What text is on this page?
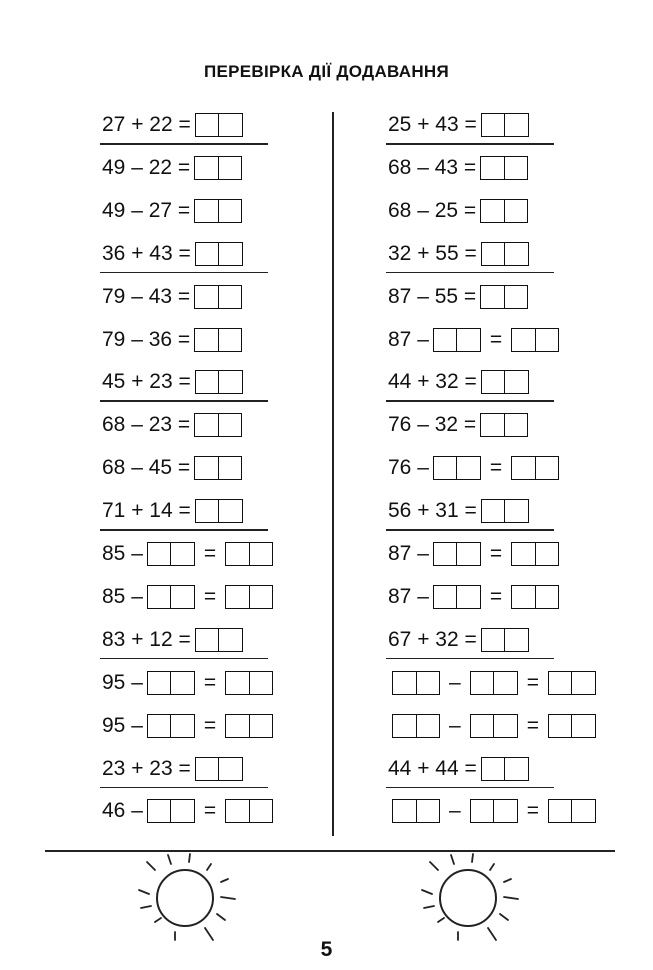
ПЕРЕВІРКА ДІЇ ДОДАВАННЯ
27 + 22 =
49 – 22 =
49 – 27 =
36 + 43 =
79 – 43 =
79 – 36 =
45 + 23 =
68 – 23 =
68 – 45 =
71 + 14 =
85 –	=
85 –	=
83 + 12 =
95 –	=
95 –	=
23 + 23 =
46 –	=
25 + 43 =
68 – 43 =
68 – 25 =
32 + 55 =
87 – 55 =
87 –	=
44 + 32 =
76 – 32 =
76 –	=
56 + 31 =
87 –	=
87 –	=
67 + 32 =
–	=
–	=
44 + 44 =
–	=
5
